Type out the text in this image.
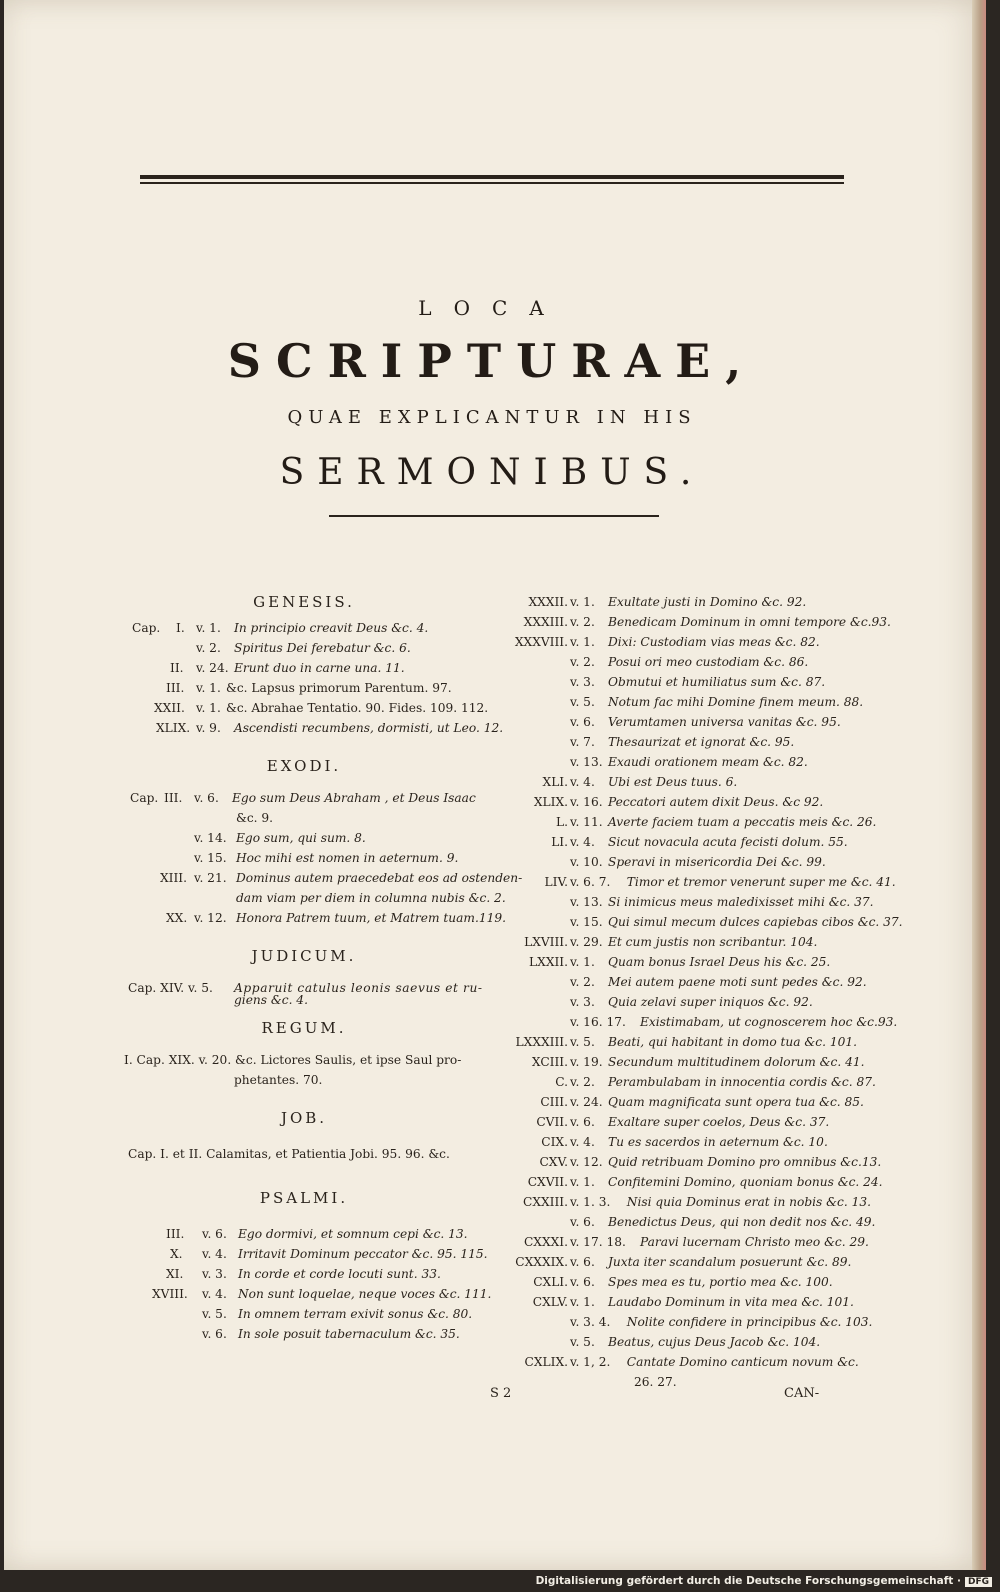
LOCA
SCRIPTURAE,
QUAE EXPLICANTUR IN HIS
SERMONIBUS.
GENESIS.
Cap. I. v. 1. In principio creavit Deus &c. 4.
v. 2. Spiritus Dei ferebatur &c. 6.
II. v. 24. Erunt duo in carne una. 11.
III. v. 1. &c. Lapsus primorum Parentum. 97.
XXII. v. 1. &c. Abrahae Tentatio. 90. Fides. 109. 112.
XLIX. v. 9. Ascendisti recumbens, dormisti, ut Leo. 12.
EXODI.
Cap. III. v. 6. Ego sum Deus Abraham , et Deus Isaac
&c. 9.
v. 14. Ego sum, qui sum. 8.
v. 15. Hoc mihi est nomen in aeternum. 9.
XIII. v. 21. Dominus autem praecedebat eos ad ostenden-
dam viam per diem in columna nubis &c. 2.
XX. v. 12. Honora Patrem tuum, et Matrem tuam.119.
JUDICUM.
Cap. XIV. v. 5. Apparuit catulus leonis saevus et ru-
giens &c. 4.
REGUM.
I. Cap. XIX. v. 20. &c. Lictores Saulis, et ipse Saul pro-
phetantes. 70.
JOB.
Cap. I. et II. Calamitas, et Patientia Jobi. 95. 96. &c.
PSALMI.
III. v. 6. Ego dormivi, et somnum cepi &c. 13.
X. v. 4. Irritavit Dominum peccator &c. 95. 115.
XI. v. 3. In corde et corde locuti sunt. 33.
XVIII. v. 4. Non sunt loquelae, neque voces &c. 111.
v. 5. In omnem terram exivit sonus &c. 80.
v. 6. In sole posuit tabernaculum &c. 35.
XXXII. v. 1. Exultate justi in Domino &c. 92.
XXXIII. v. 2. Benedicam Dominum in omni tempore &c.93.
XXXVIII. v. 1. Dixi: Custodiam vias meas &c. 82.
v. 2. Posui ori meo custodiam &c. 86.
v. 3. Obmutui et humiliatus sum &c. 87.
v. 5. Notum fac mihi Domine finem meum. 88.
v. 6. Verumtamen universa vanitas &c. 95.
v. 7. Thesaurizat et ignorat &c. 95.
v. 13. Exaudi orationem meam &c. 82.
XLI. v. 4. Ubi est Deus tuus. 6.
XLIX. v. 16. Peccatori autem dixit Deus. &c 92.
L. v. 11. Averte faciem tuam a peccatis meis &c. 26.
LI. v. 4. Sicut novacula acuta fecisti dolum. 55.
v. 10. Speravi in misericordia Dei &c. 99.
LIV. v. 6. 7. Timor et tremor venerunt super me &c. 41.
v. 13. Si inimicus meus maledixisset mihi &c. 37.
v. 15. Qui simul mecum dulces capiebas cibos &c. 37.
LXVIII. v. 29. Et cum justis non scribantur. 104.
LXXII. v. 1. Quam bonus Israel Deus his &c. 25.
v. 2. Mei autem paene moti sunt pedes &c. 92.
v. 3. Quia zelavi super iniquos &c. 92.
v. 16. 17. Existimabam, ut cognoscerem hoc &c.93.
LXXXIII. v. 5. Beati, qui habitant in domo tua &c. 101.
XCIII. v. 19. Secundum multitudinem dolorum &c. 41.
C. v. 2. Perambulabam in innocentia cordis &c. 87.
CIII. v. 24. Quam magnificata sunt opera tua &c. 85.
CVII. v. 6. Exaltare super coelos, Deus &c. 37.
CIX. v. 4. Tu es sacerdos in aeternum &c. 10.
CXV. v. 12. Quid retribuam Domino pro omnibus &c.13.
CXVII. v. 1. Confitemini Domino, quoniam bonus &c. 24.
CXXIII. v. 1. 3. Nisi quia Dominus erat in nobis &c. 13.
v. 6. Benedictus Deus, qui non dedit nos &c. 49.
CXXXI. v. 17. 18. Paravi lucernam Christo meo &c. 29.
CXXXIX. v. 6. Juxta iter scandalum posuerunt &c. 89.
CXLI. v. 6. Spes mea es tu, portio mea &c. 100.
CXLV. v. 1. Laudabo Dominum in vita mea &c. 101.
v. 3. 4. Nolite confidere in principibus &c. 103.
v. 5. Beatus, cujus Deus Jacob &c. 104.
CXLIX. v. 1, 2. Cantate Domino canticum novum &c.
26. 27.
S 2	CAN-
Digitalisierung gefördert durch die Deutsche Forschungsgemeinschaft · DFG
